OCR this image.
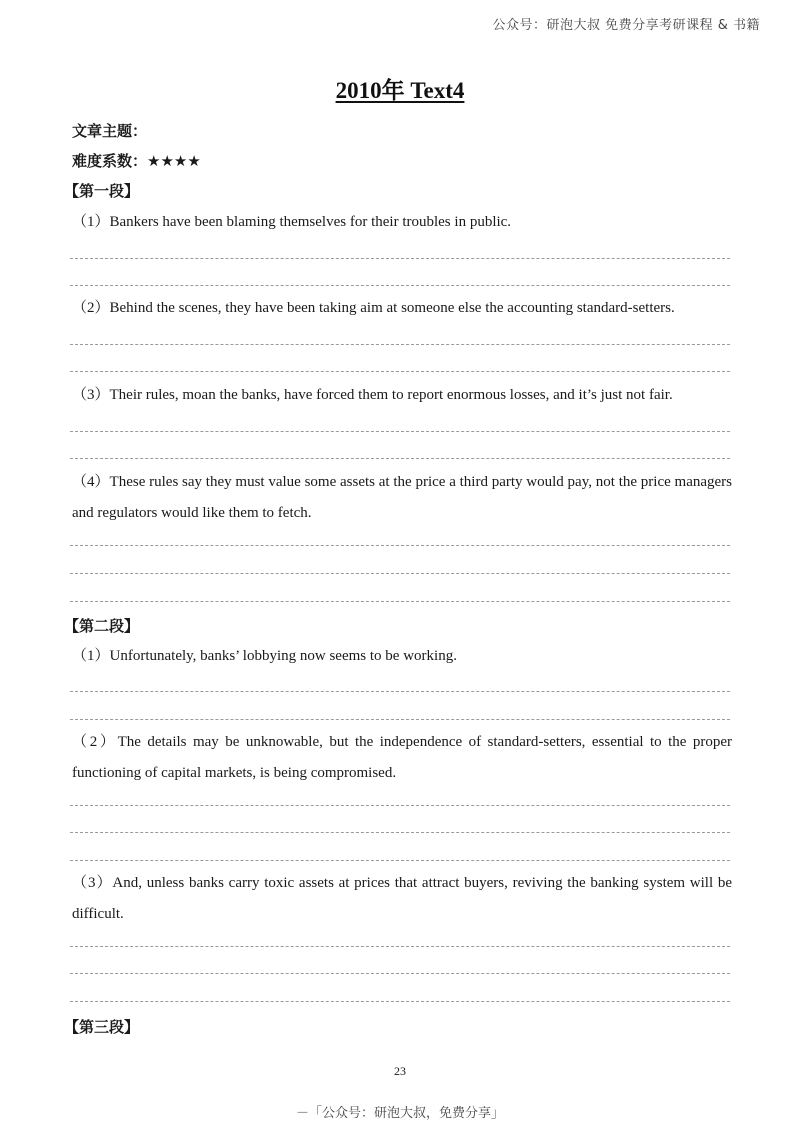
公众号：研泡大叔 免费分享考研课程 & 书籍
2010年 Text4
文章主题：
难度系数：★★★★
【第一段】
（1）Bankers have been blaming themselves for their troubles in public.
（2）Behind the scenes, they have been taking aim at someone else the accounting standard-setters.
（3）Their rules, moan the banks, have forced them to report enormous losses, and it’s just not fair.
（4）These rules say they must value some assets at the price a third party would pay, not the price managers and regulators would like them to fetch.
【第二段】
（1）Unfortunately, banks’ lobbying now seems to be working.
（2）The details may be unknowable, but the independence of standard-setters, essential to the proper functioning of capital markets, is being compromised.
（3）And, unless banks carry toxic assets at prices that attract buyers, reviving the banking system will be difficult.
【第三段】
23
－「公众号：研泡大叔，免费分享」
